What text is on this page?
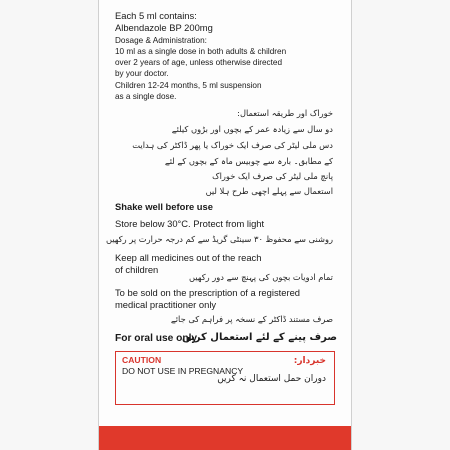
Each 5 ml contains:
Albendazole BP 200mg
Dosage & Administration:
10 ml as a single dose in both adults & children
over 2 years of age, unless otherwise directed
by your doctor.
Children 12-24 months, 5 ml suspension
as a single dose.
خوراک اور طریقہ استعمال:
دو سال سے زیادہ عمر کے بچوں اور بڑوں کیلئے
دس ملی لیٹر کی صرف ایک خوراک یا پھر ڈاکٹر کی ہدایت
کے مطابق۔ بارہ سے چوبیس ماہ کے بچوں کے لئے
پانچ ملی لیٹر کی صرف ایک خوراک
استعمال سے پہلے اچھی طرح ہلا لیں
Shake well before use
Store below 30°C. Protect from light
روشنی سے محفوظ ۳۰ سینٹی گریڈ سے کم درجہ حرارت پر رکھیں
Keep all medicines out of the reach
of children
تمام ادویات بچوں کی پہنچ سے دور رکھیں
To be sold on the prescription of a registered
medical practitioner only
صرف مستند ڈاکٹر کے نسخہ پر فراہم کی جائے
For oral use only
صرف پینے کے لئے استعمال کریں
CAUTION
DO NOT USE IN PREGNANCY
خبردار:
دوران حمل استعمال نہ کریں
